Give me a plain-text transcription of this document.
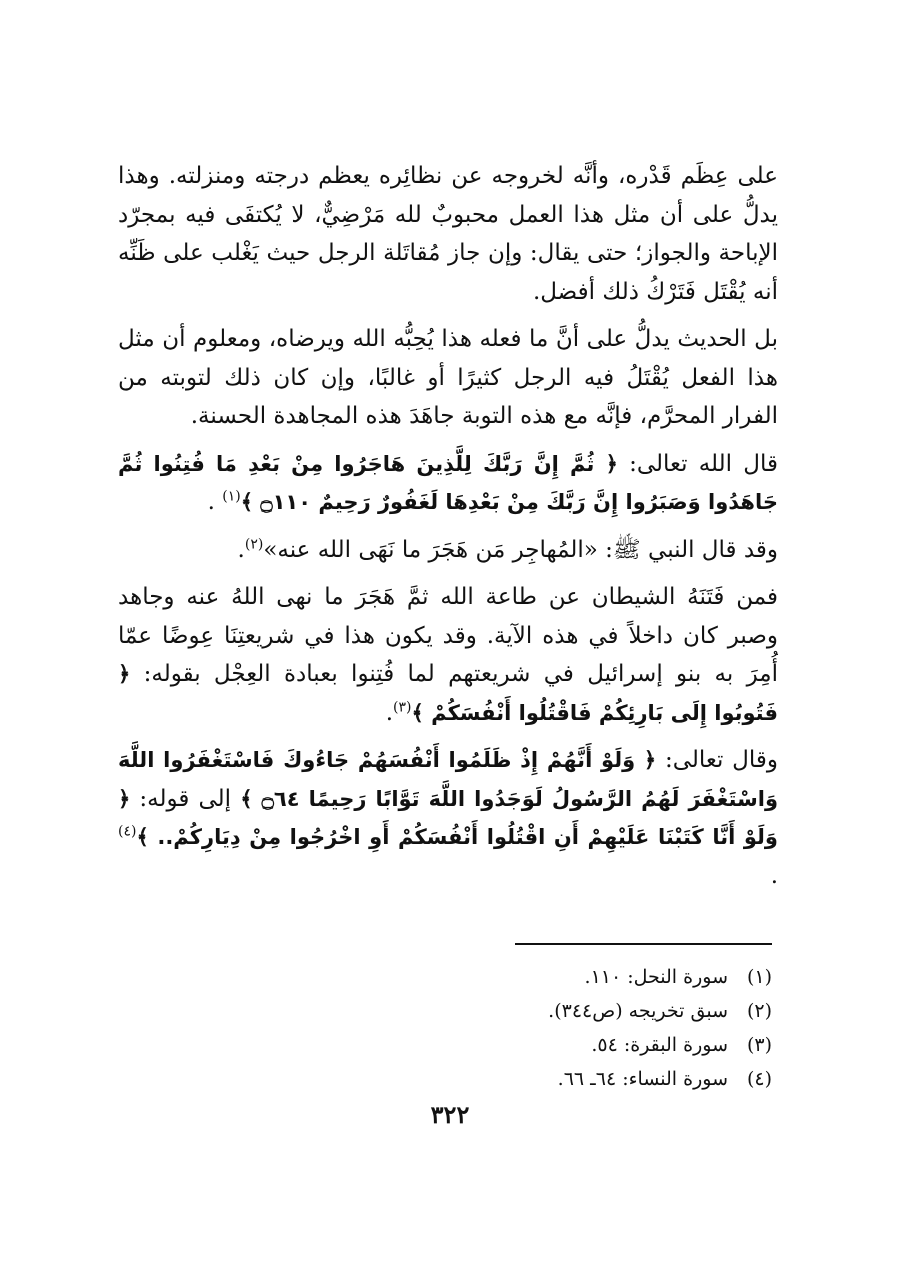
على عِظَم قَدْره، وأنَّه لخروجه عن نظائِره يعظم درجته ومنزلته. وهذا يدلُّ على أن مثل هذا العمل محبوبٌ لله مَرْضِيٌّ، لا يُكتفَى فيه بمجرّد الإباحة والجواز؛ حتى يقال: وإن جاز مُقاتَلة الرجل حيث يَغْلب على ظَنِّه أنه يُقْتَل فَتَرْكُ ذلك أفضل.

بل الحديث يدلُّ على أنَّ ما فعله هذا يُحِبُّه الله ويرضاه، ومعلوم أن مثل هذا الفعل يُقْتَلُ فيه الرجل كثيرًا أو غالبًا، وإن كان ذلك لتوبته من الفرار المحرَّم، فإنَّه مع هذه التوبة جاهَدَ هذه المجاهدة الحسنة.

قال الله تعالى: ﴿ ثُمَّ إِنَّ رَبَّكَ لِلَّذِينَ هَاجَرُوا مِنْ بَعْدِ مَا فُتِنُوا ثُمَّ جَاهَدُوا وَصَبَرُوا إِنَّ رَبَّكَ مِنْ بَعْدِهَا لَغَفُورٌ رَحِيمٌ ۝١١٠ ﴾$^{(١)}$ .

وقد قال النبي ﷺ: «المُهاجِر مَن هَجَرَ ما نَهَى الله عنه»$^{(٢)}$.

فمن فَتَنَهُ الشيطان عن طاعة الله ثمَّ هَجَرَ ما نهى اللهُ عنه وجاهد وصبر كان داخلاً في هذه الآية. وقد يكون هذا في شريعتِنَا عِوضًا عمّا أُمِرَ به بنو إسرائيل في شريعتهم لما فُتِنوا بعبادة العِجْل بقوله: ﴿ فَتُوبُوا إِلَى بَارِئِكُمْ فَاقْتُلُوا أَنْفُسَكُمْ ﴾$^{(٣)}$.

وقال تعالى: ﴿ وَلَوْ أَنَّهُمْ إِذْ ظَلَمُوا أَنْفُسَهُمْ جَاءُوكَ فَاسْتَغْفَرُوا اللَّهَ وَاسْتَغْفَرَ لَهُمُ الرَّسُولُ لَوَجَدُوا اللَّهَ تَوَّابًا رَحِيمًا ۝٦٤ ﴾ إلى قوله: ﴿ وَلَوْ أَنَّا كَتَبْنَا عَلَيْهِمْ أَنِ اقْتُلُوا أَنْفُسَكُمْ أَوِ اخْرُجُوا مِنْ دِيَارِكُمْ.. ﴾$^{(٤)}$ .

(١)
سورة النحل: ١١٠.
(٢)
سبق تخريجه (ص٣٤٤).
(٣)
سورة البقرة: ٥٤.
(٤)
سورة النساء: ٦٤ـ ٦٦.
٣٢٢
